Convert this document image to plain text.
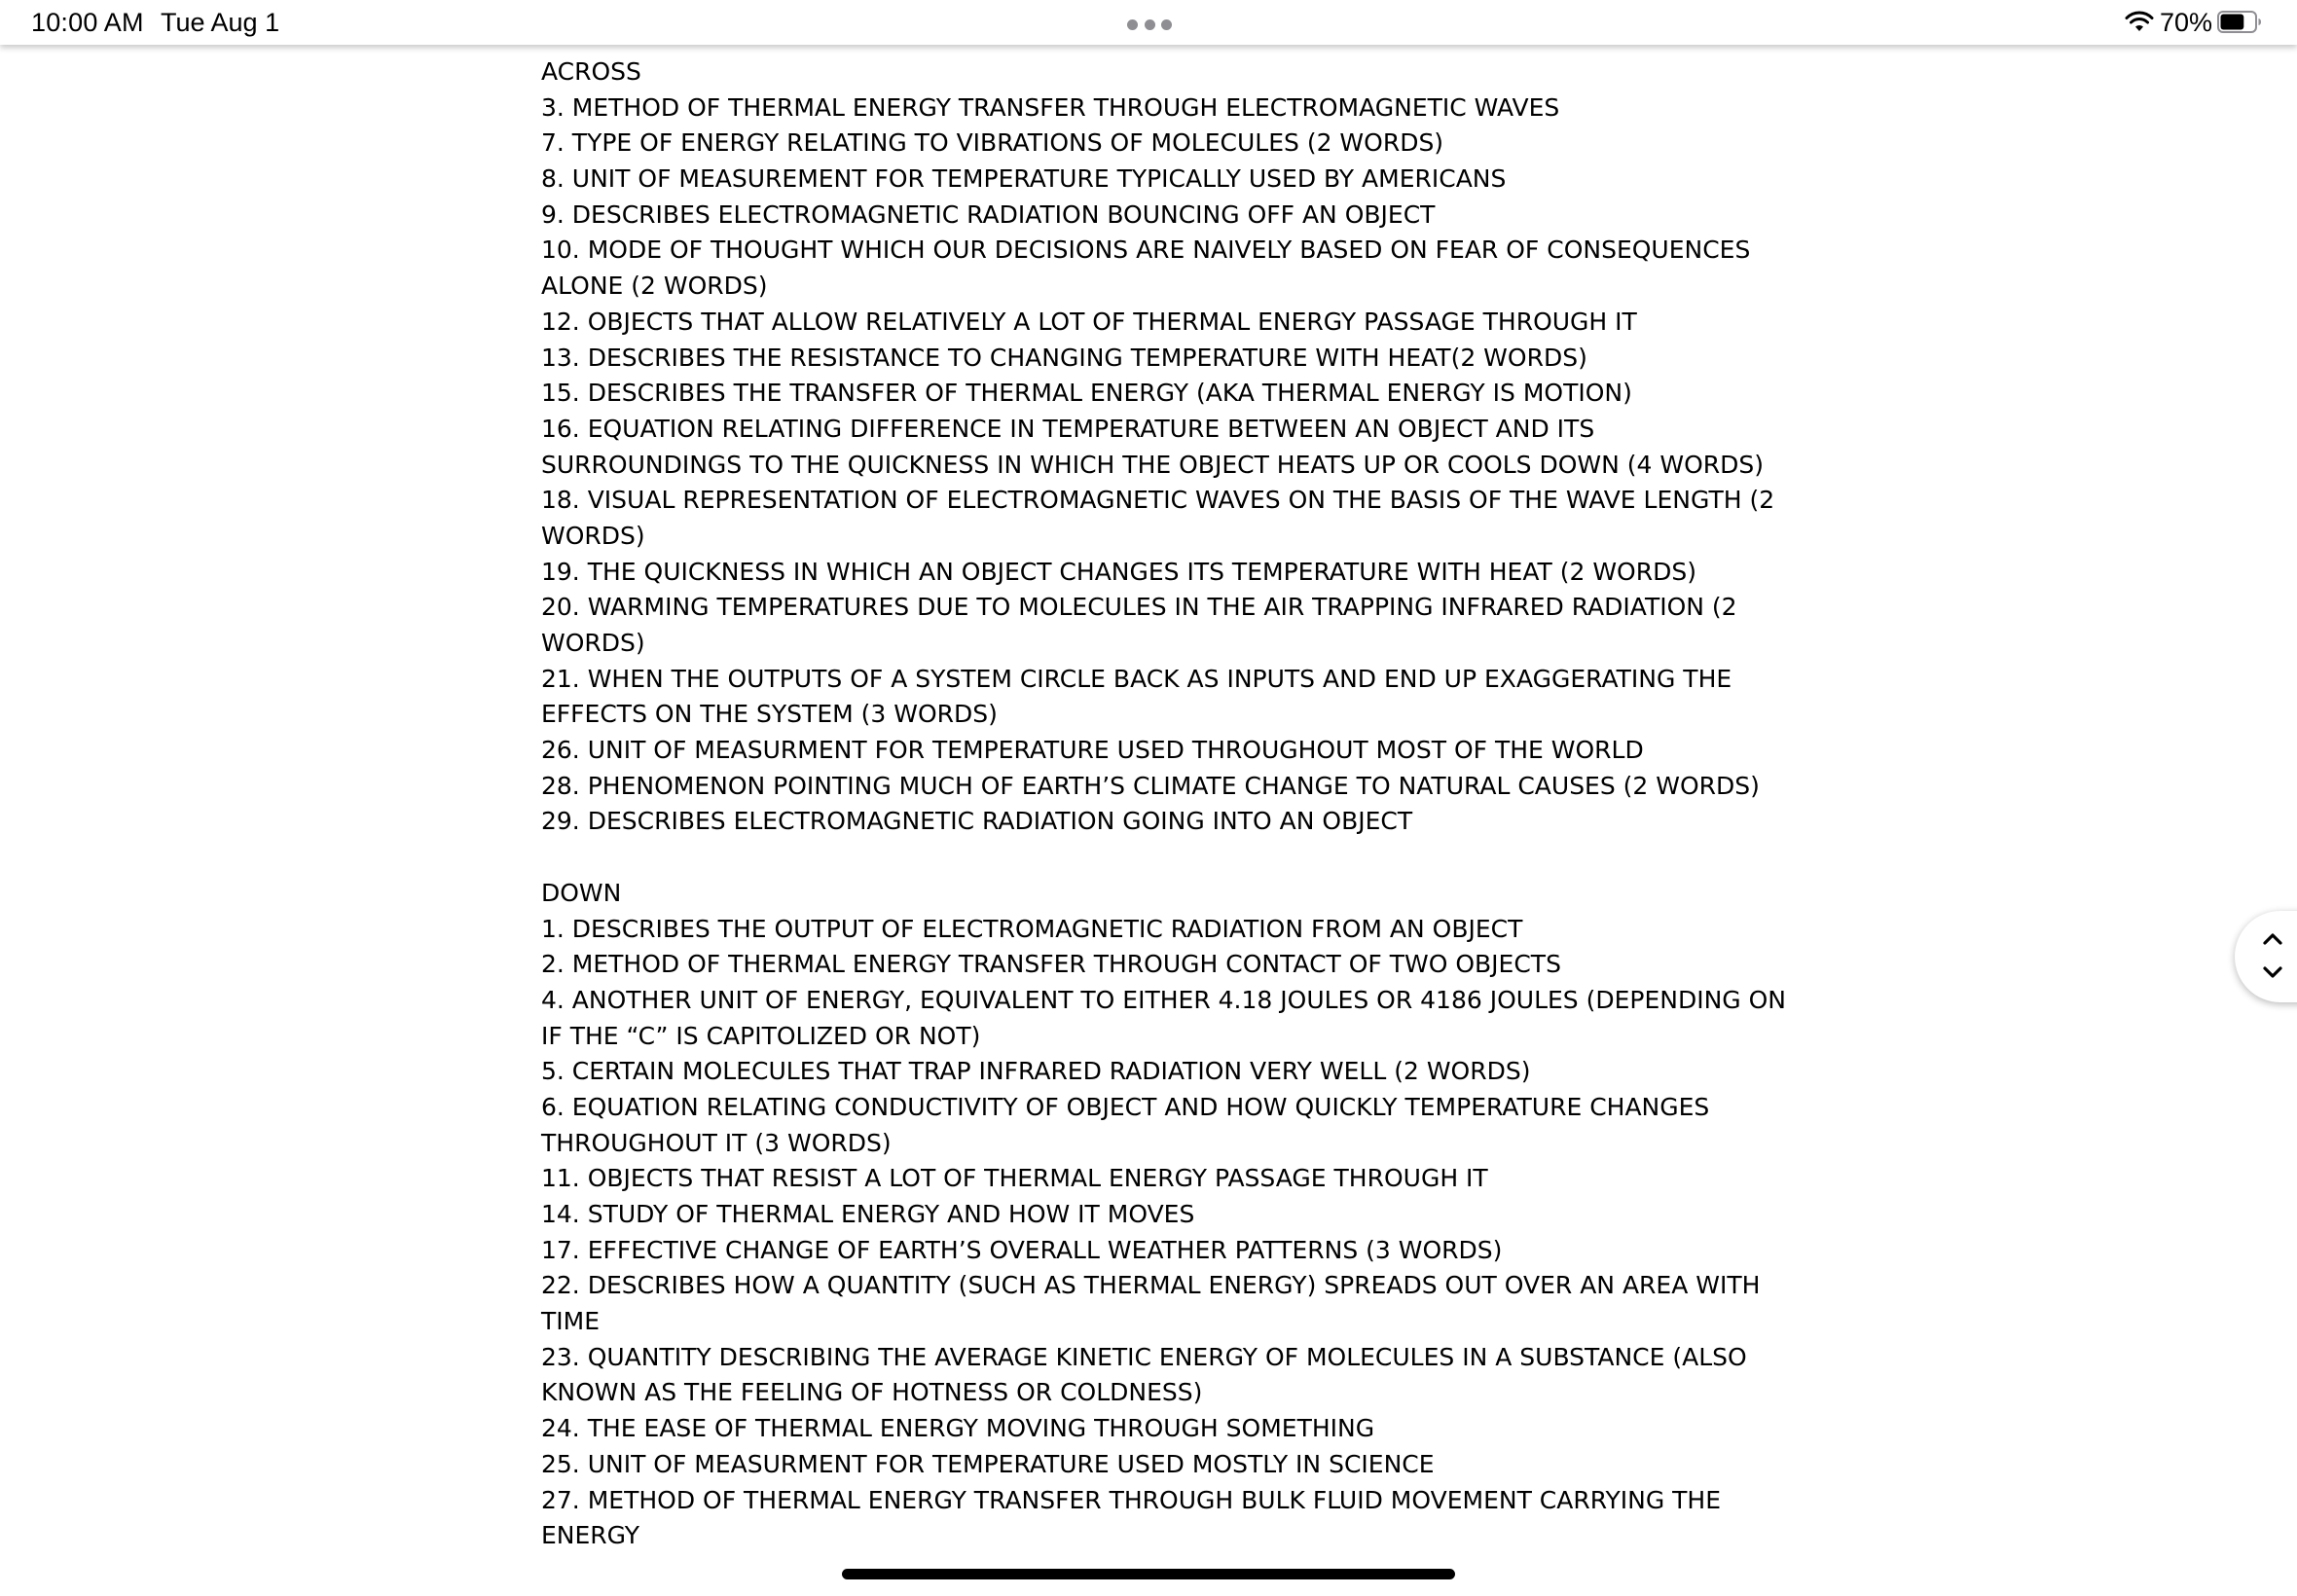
10:00 AM Tue Aug 1	70%
ACROSS
3. METHOD OF THERMAL ENERGY TRANSFER THROUGH ELECTROMAGNETIC WAVES
7. TYPE OF ENERGY RELATING TO VIBRATIONS OF MOLECULES (2 WORDS)
8. UNIT OF MEASUREMENT FOR TEMPERATURE TYPICALLY USED BY AMERICANS
9. DESCRIBES ELECTROMAGNETIC RADIATION BOUNCING OFF AN OBJECT
10. MODE OF THOUGHT WHICH OUR DECISIONS ARE NAIVELY BASED ON FEAR OF CONSEQUENCES
ALONE (2 WORDS)
12. OBJECTS THAT ALLOW RELATIVELY A LOT OF THERMAL ENERGY PASSAGE THROUGH IT
13. DESCRIBES THE RESISTANCE TO CHANGING TEMPERATURE WITH HEAT(2 WORDS)
15. DESCRIBES THE TRANSFER OF THERMAL ENERGY (AKA THERMAL ENERGY IS MOTION)
16. EQUATION RELATING DIFFERENCE IN TEMPERATURE BETWEEN AN OBJECT AND ITS
SURROUNDINGS TO THE QUICKNESS IN WHICH THE OBJECT HEATS UP OR COOLS DOWN (4 WORDS)
18. VISUAL REPRESENTATION OF ELECTROMAGNETIC WAVES ON THE BASIS OF THE WAVE LENGTH (2
WORDS)
19. THE QUICKNESS IN WHICH AN OBJECT CHANGES ITS TEMPERATURE WITH HEAT (2 WORDS)
20. WARMING TEMPERATURES DUE TO MOLECULES IN THE AIR TRAPPING INFRARED RADIATION (2
WORDS)
21. WHEN THE OUTPUTS OF A SYSTEM CIRCLE BACK AS INPUTS AND END UP EXAGGERATING THE
EFFECTS ON THE SYSTEM (3 WORDS)
26. UNIT OF MEASURMENT FOR TEMPERATURE USED THROUGHOUT MOST OF THE WORLD
28. PHENOMENON POINTING MUCH OF EARTH’S CLIMATE CHANGE TO NATURAL CAUSES (2 WORDS)
29. DESCRIBES ELECTROMAGNETIC RADIATION GOING INTO AN OBJECT
DOWN
1. DESCRIBES THE OUTPUT OF ELECTROMAGNETIC RADIATION FROM AN OBJECT
2. METHOD OF THERMAL ENERGY TRANSFER THROUGH CONTACT OF TWO OBJECTS
4. ANOTHER UNIT OF ENERGY, EQUIVALENT TO EITHER 4.18 JOULES OR 4186 JOULES (DEPENDING ON
IF THE “C” IS CAPITOLIZED OR NOT)
5. CERTAIN MOLECULES THAT TRAP INFRARED RADIATION VERY WELL (2 WORDS)
6. EQUATION RELATING CONDUCTIVITY OF OBJECT AND HOW QUICKLY TEMPERATURE CHANGES
THROUGHOUT IT (3 WORDS)
11. OBJECTS THAT RESIST A LOT OF THERMAL ENERGY PASSAGE THROUGH IT
14. STUDY OF THERMAL ENERGY AND HOW IT MOVES
17. EFFECTIVE CHANGE OF EARTH’S OVERALL WEATHER PATTERNS (3 WORDS)
22. DESCRIBES HOW A QUANTITY (SUCH AS THERMAL ENERGY) SPREADS OUT OVER AN AREA WITH
TIME
23. QUANTITY DESCRIBING THE AVERAGE KINETIC ENERGY OF MOLECULES IN A SUBSTANCE (ALSO
KNOWN AS THE FEELING OF HOTNESS OR COLDNESS)
24. THE EASE OF THERMAL ENERGY MOVING THROUGH SOMETHING
25. UNIT OF MEASURMENT FOR TEMPERATURE USED MOSTLY IN SCIENCE
27. METHOD OF THERMAL ENERGY TRANSFER THROUGH BULK FLUID MOVEMENT CARRYING THE
ENERGY
